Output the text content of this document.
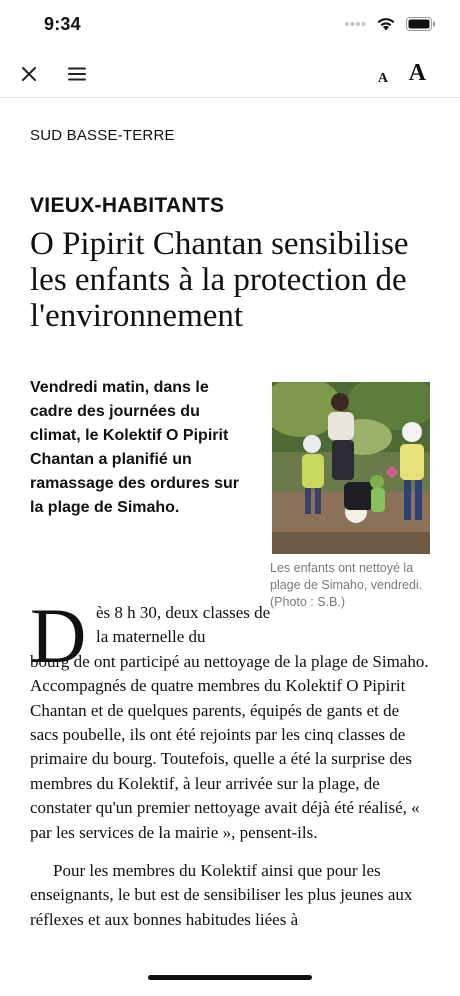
9:34
A A
SUD BASSE-TERRE
VIEUX-HABITANTS
O Pipirit Chantan sensibilise les enfants à la protection de l'environnement
Vendredi matin, dans le cadre des journées du climat, le Kolektif O Pipirit Chantan a planifié un ramassage des ordures sur la plage de Simaho.
Les enfants ont nettoyé la plage de Simaho, vendredi. (Photo : S.B.)
D ès 8 h 30, deux classes de la maternelle du

bourg de ont participé au nettoyage de la plage de Simaho. Accompagnés de quatre membres du Kolektif O Pipirit Chantan et de quelques parents, équipés de gants et de sacs poubelle, ils ont été rejoints par les cinq classes de primaire du bourg. Toutefois, quelle a été la surprise des membres du Kolektif, à leur arrivée sur la plage, de constater qu'un premier nettoyage avait déjà été réalisé, « par les services de la mairie », pensent-ils.

Pour les membres du Kolektif ainsi que pour les enseignants, le but est de sensibiliser les plus jeunes aux réflexes et aux bonnes habitudes liées à
